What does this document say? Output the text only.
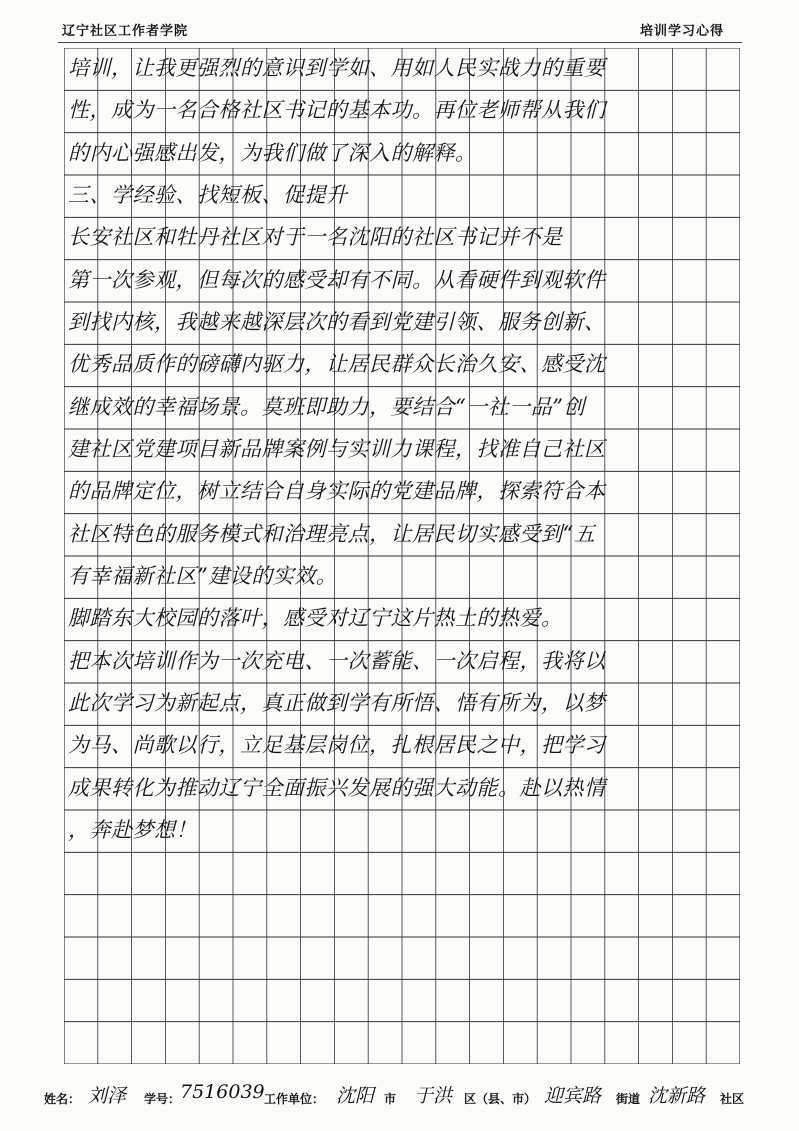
辽宁社区工作者学院	培训学习心得
培训，让我更强烈的意识到学如、用如人民实战力的重要
性，成为一名合格社区书记的基本功。再位老师帮从我们
的内心强感出发，为我们做了深入的解释。
三、学经验、找短板、促提升
长安社区和牡丹社区对于一名沈阳的社区书记并不是
第一次参观，但每次的感受却有不同。从看硬件到观软件
到找内核，我越来越深层次的看到党建引领、服务创新、
优秀品质作的磅礴内驱力，让居民群众长治久安、感受沈
继成效的幸福场景。莫班即助力，要结合“一社一品”创
建社区党建项目新品牌案例与实训力课程，找准自己社区
的品牌定位，树立结合自身实际的党建品牌，探索符合本
社区特色的服务模式和治理亮点，让居民切实感受到“五
有幸福新社区”建设的实效。
脚踏东大校园的落叶，感受对辽宁这片热土的热爱。
把本次培训作为一次充电、一次蓄能、一次启程，我将以
此次学习为新起点，真正做到学有所悟、悟有所为，以梦
为马、尚歌以行，立足基层岗位，扎根居民之中，把学习
成果转化为推动辽宁全面振兴发展的强大动能。赴以热情
，奔赴梦想！
姓名： 刘泽 学号： 7516039 工作单位： 沈阳 市 于洪 区（县、市） 迎宾路 街道 沈新路 社区
